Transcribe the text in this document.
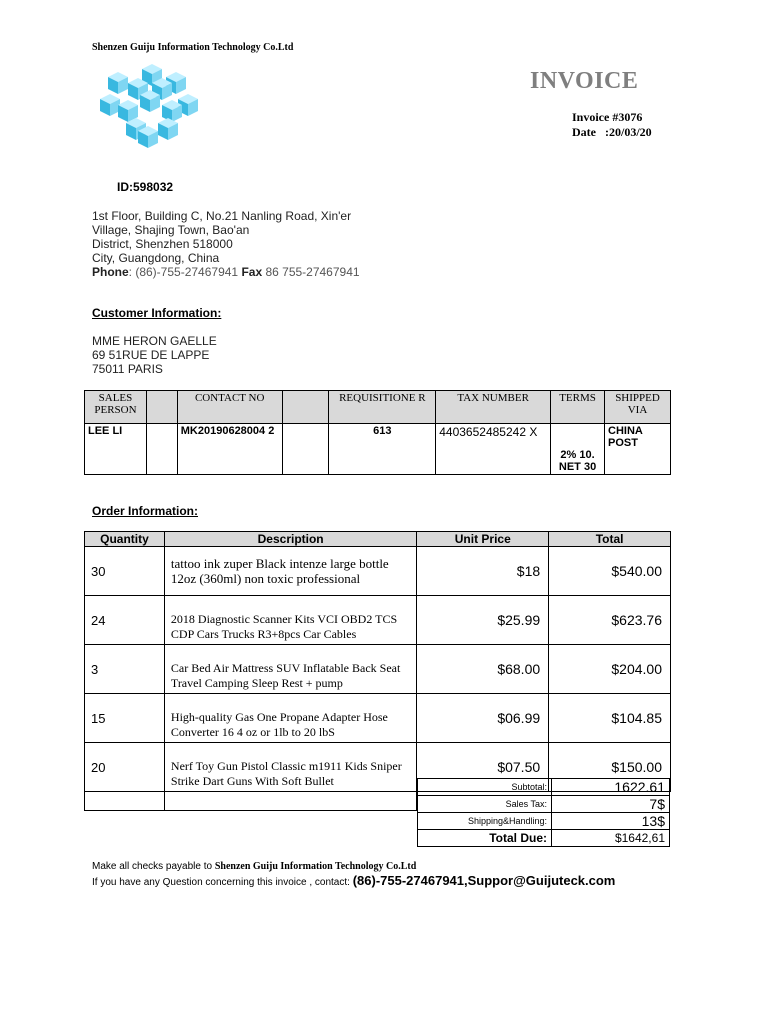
Shenzen Guiju Information Technology Co.Ltd
INVOICE
Invoice #3076
Date   :20/03/20
ID:598032
1st Floor, Building C, No.21 Nanling Road, Xin'er
Village, Shajing Town, Bao'an
District, Shenzhen 518000
City, Guangdong, China
Phone: (86)-755-27467941 Fax 86 755-27467941
Customer Information:
MME HERON GAELLE
69 51RUE DE LAPPE
75011 PARIS
SALES PERSON		CONTACT NO		REQUISITIONE R	TAX NUMBER	TERMS	SHIPPED VIA
LEE LI		MK20190628004 2		613	4403652485242 X	2% 10. NET 30	CHINA POST
Order Information:
Quantity	Description	Unit Price	Total
30	tattoo ink zuper Black intenze large bottle 12oz (360ml) non toxic professional	$18	$540.00
24	2018 Diagnostic Scanner Kits VCI OBD2 TCS CDP Cars Trucks R3+8pcs Car Cables	$25.99	$623.76
3	Car Bed Air Mattress SUV Inflatable Back Seat Travel Camping Sleep Rest + pump	$68.00	$204.00
15	High-quality Gas One Propane Adapter Hose Converter 16 4 oz or 1lb to 20 lbS	$06.99	$104.85
20	Nerf Toy Gun Pistol Classic m1911 Kids Sniper Strike Dart Guns With Soft Bullet	$07.50	$150.00

Subtotal:	1622.61
Sales Tax:	7$
Shipping&Handling:	13$
Total Due:	$1642,61
Make all checks payable to Shenzen Guiju Information Technology Co.Ltd
If you have any Question concerning this invoice , contact: (86)-755-27467941,Suppor@Guijuteck.com
